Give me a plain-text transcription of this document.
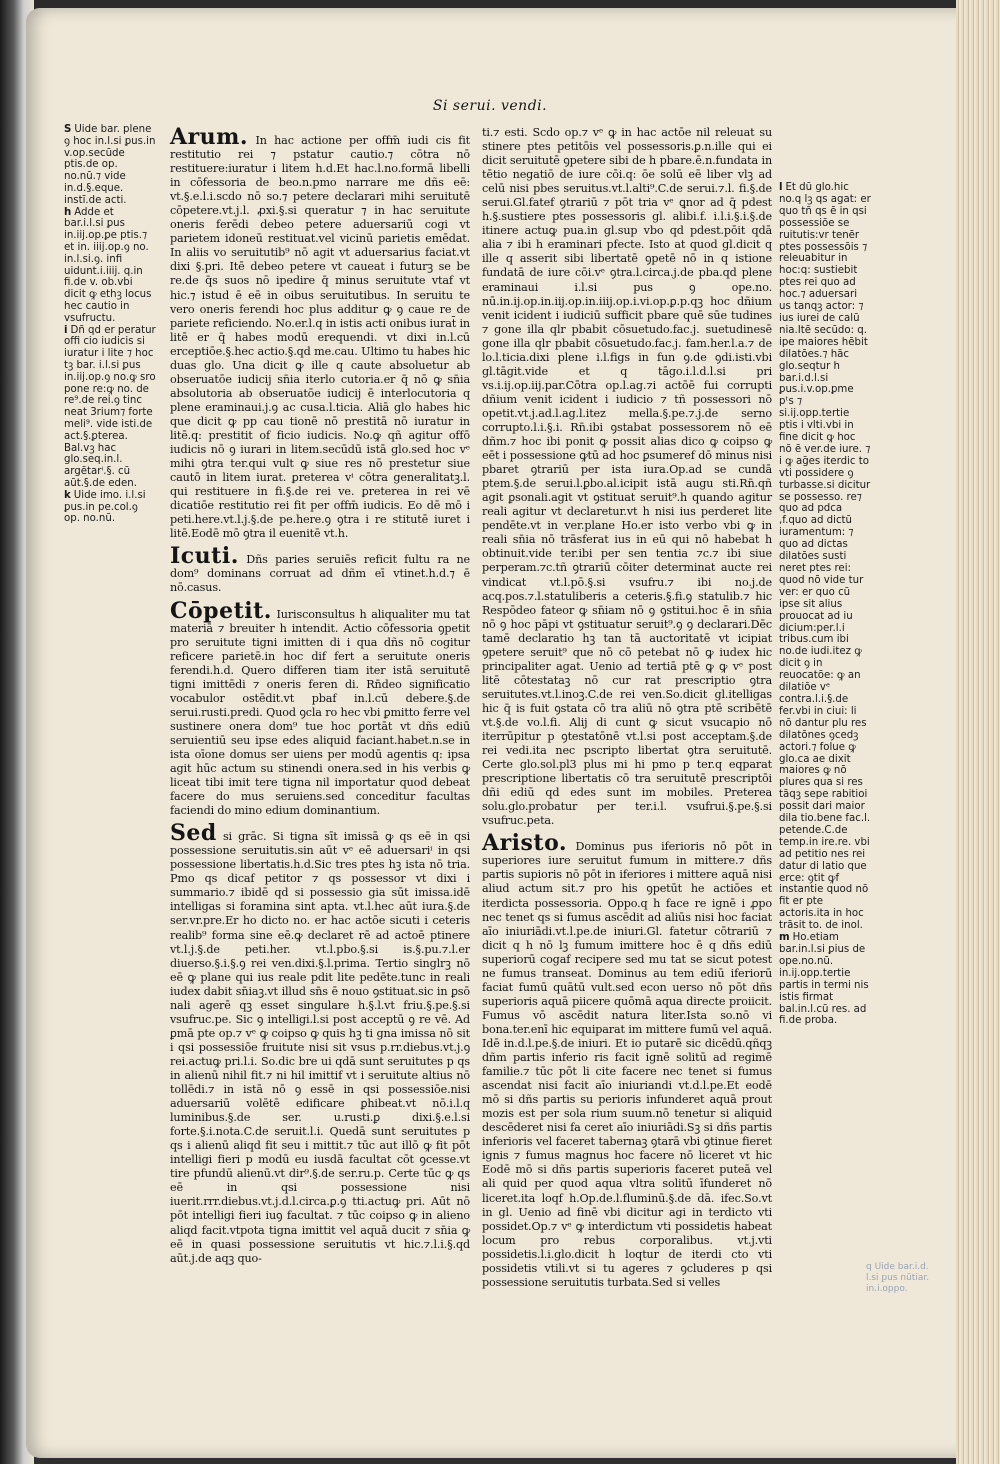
Si serui. vendi.

S Uide bar. plene ꝯ hoc in.l.si ꝑus.in v.op.secūde ptis.de op. no.nū.⁊ vide in.d.§.eque. instī.de acti.

h Adde et bar.i.l.si ꝑus in.iij.op.ꝑe ptis.⁊ et in. iiij.op.ꝯ no. in.l.si.ꝯ. infi uidunt.i.iiij. q.in fi.de v. ob.vbi dicit ꝙ ethꝫ locus hec cautio in vsufructu.

i Dñ qd er peratur offi cio iudicis si iuratur i lite ⁊ hoc tꝫ bar. i.l.si ꝑus in.iij.op.ꝯ no.ꝙ sro pone re:ꝙ no. de re⁹.de rei.ꝯ tinc neat 3rium⁊ forte meli⁹. vide isti.de act.§.ꝑterea. Bal.vꝫ hac glo.seq.in.l. argētarⁱ.§. cū aūt.§.de eden.

k Uide imo. i.l.si ꝑus.in pe.col.ꝯ op. no.nū.

Arum. In hac actione per offm̄ iudi cis fit restitutio rei ⁊ pstatur cautio.⁊ cōtra nō restituere:iuratur i litem h.d.Et hac.l.no.formā libelli in cōfessoria de beo.n.pmo narrare me dñs eē: vt.§.e.l.i.scdo nō so.⁊ petere declarari mihi seruitutē cōpetere.vt.j.l. ꝓxi.§.si queratur ⁊ in hac seruitute oneris ferēdi debeo petere aduersariū cogi vt parietem idoneū restituat.vel vicinū parietis emēdat. In aliis vo seruitutib⁹ nō agit vt aduersarius faciat.vt dixi §.pri. Itē debeo petere vt caueat i futurꝫ se be re.de q̄s suos nō ipedire q̄ minus seruitute vtaf vt hic.⁊ istud ē eē in oibus seruitutibus. In seruitu te vero oneris ferendi hoc plus additur ꝙ ꝯ caue re de pariete reficiendo. No.er.l.q in istis acti onibus iurat̄ in litē er q̄ habes modū erequendi. vt dixi in.l.cū erceptiōe.§.hec actio.§.qd me.cau. Ultimo tu habes hic duas glo. Una dicit ꝙ ille q caute absoluetur ab obseruatōe iudicij sn̄ia iterlo cutoria.er q̄ nō ꝙ sn̄ia absolutoria ab obseruatōe iudicij ē interlocutoria q plene eraminaui.j.ꝯ ac cusa.l.ticia. Aliā glo habes hic que dicit ꝙ pp cau tionē nō prestitā nō iuratur in litē.q: prestitit of ficio iudicis. No.ꝙ qñ agitur offō iudicis nō ꝯ iurari in litem.secūdū istā glo.sed hoc vᵉ mihi ꝯtra ter.qui vult ꝙ siue res nō prestetur siue cautō in litem iurat. ꝑreterea vⁱ cōtra generalitatꝫ.l. qui restituere in fi.§.de rei ve. ꝑreterea in rei vē dicatiōe restitutio rei fit per offm̄ iudicis. Eo dē mō i peti.here.vt.l.j.§.de pe.here.ꝯ ꝯtra i re stitutē iuret i litē.Eodē mō ꝯtra il euenitē vt.h.

Icuti. Dñs paries seruiēs reficit fultu ra ne dom⁹ dominans corruat ad dñm eī vtinet.h.d.⁊ ē nō.casus.

Cōpetit. Iurisconsultus h aliqualiter mu tat materiā ⁊ breuiter h intendit. Actio cōfessoria ꝯpetit pro seruitute tigni imitten di i qua dñs nō cogitur reficere parietē.in hoc dif fert a seruitute oneris ferendi.h.d. Quero differen tiam iter istā seruitutē tigni imittēdi ⁊ oneris feren di. Rn̄deo significatio vocabulor ostēdit.vt pbaf in.l.cū debere.§.de serui.rusti.predi. Quod ꝯcla ro hec vbi ꝑmitto ferre vel sustinere onera dom⁹ tue hoc ꝑortāt vt dñs ediū seruientiū seu ipse edes aliquid faciant.habet.n.se in ista oīone domus ser uiens per modū agentis q: ipsa agit hūc actum su stinendi onera.sed in his verbis ꝙ liceat tibi imit tere tigna nil importatur quod debeat facere do mus seruiens.sed conceditur facultas faciendi do mino edium dominantium.

Sed si grāc. Si tigna sīt imissā ꝙ qs eē in qsi possessione seruitutis.sin aūt vᵉ eē aduersariⁱ in qsi possessione libertatis.h.d.Sic tres ptes hꝫ ista nō tria. Pmo qs dicaf petitor ⁊ qs possessor vt dixi i summario.⁊ ibidē qd si possessio gia sūt imissa.idē intelligas si foramina sint apta. vt.l.hec aūt iura.§.de ser.vr.pre.Er ho dicto no. er hac actōe sicuti i ceteris realib⁹ forma sine eē.ꝙ declaret rē ad actoē ptinere vt.l.j.§.de peti.her. vt.l.pbo.§.si is.§.pu.⁊.l.er diuerso.§.i.§.ꝯ rei ven.dixi.§.l.prima. Tertio singlrꝫ nō eē ꝙ plane qui ius reale pdit lite pedēte.tunc in reali iudex dabit sn̄iaꝫ.vt illud sn̄s ē nouo ꝯstituat.sic in ꝑsō nali agerē qꝫ esset singulare h.§.l.vt friu.§.pe.§.si vsufruc.pe. Sic ꝯ intelligi.l.si post acceptū ꝯ re vē. Ad ꝑmā pte op.⁊ vᵉ ꝙ coipso ꝙ quis hꝫ ti gna imissa nō sit i qsi possessiōe fruitute nisi sit vsus p.rr.diebus.vt.j.ꝯ rei.actuꝙ pri.l.i. So.dic bre ui qdā sunt seruitutes p qs in alienū nihil fit.⁊ ni hil imittif vt i seruitute altius nō tollēdi.⁊ in istā nō ꝯ essē in qsi possessiōe.nisi aduersariū volētē edificare ꝑhibeat.vt nō.i.l.q luminibus.§.de ser. u.rusti.ꝑ dixi.§.e.l.si forte.§.i.nota.C.de seruit.l.i. Quedā sunt seruitutes p qs i alienū aliqd fit seu i mittit.⁊ tūc aut illō ꝙ fit pōt intelligi fieri p modū eu iusdā facultat cōt ꝯcesse.vt tire pfundū alienū.vt dir⁹.§.de ser.ru.p. Certe tūc ꝙ qs eē in qsi possessione nisi iuerit.rrr.diebus.vt.j.d.l.circa.ꝑ.ꝯ tti.actuꝙ pri. Aūt nō pōt intelligi fieri iuꝯ facultat. ⁊ tūc coipso ꝙ in alieno aliqd facit.vtpota tigna imittit vel aquā ducit ⁊ sn̄ia ꝙ eē in quasi possessione seruitutis vt hic.⁊.l.i.§.qd aūt.j.de aqꝫ quo-

ti.⁊ esti. Scdo op.⁊ vᵉ ꝙ in hac actōe nil releuat su stinere ptes petitōis vel possessoris.ꝑ.n.ille qui ei dicit seruitutē ꝯpetere sibi de h pbare.ē.n.fundata in tētio negatiō de iure cōi.q: ōe solū eē liber vlꝫ ad celū nisi pbes seruitus.vt.l.alti⁹.C.de serui.⁊.l. fi.§.de serui.Gl.fatef ꝯtrariū ⁊ pōt tria vᵉ ꝗnor ad q̄ pdest h.§.sustiere ptes possessoris gl. alibi.f. i.l.i.§.i.§.de itinere actuꝙ pua.in gl.sup vbo qd pdest.pōit qdā alia ⁊ ibi h eraminari pfecte. Isto at quod gl.dicit q ille q asserit sibi libertatē ꝯpetē nō in q istione fundatā de iure cōi.vᵉ ꝯtra.l.circa.j.de pba.qd plene eraminaui i.l.si pus ꝯ ope.no. nū.in.ij.op.in.iij.op.in.iiij.op.i.vi.op.ꝑ.p.qꝫ hoc dñium venit icident i iudiciū sufficit pbare quē sūe tudines ⁊ gone illa qlr pbabit cōsuetudo.fac.j. suetudinesē gone illa qlr pbabit cōsuetudo.fac.j. fam.her.l.a.⁊ de lo.l.ticia.dixi plene i.l.figs in fun ꝯ.de ꝯdi.isti.vbi gl.tāgit.vide et q tāgo.i.l.d.l.si pri vs.i.ij.op.iij.par.Cōtra op.l.ag.⁊i actōē fui corrupti dñium venit icident i iudicio ⁊ tñ possessori nō opetit.vt.j.ad.l.ag.l.itez mella.§.pe.⁊.j.de serno corrupto.l.i.§.i. Rn̄.ibi ꝯstabat possessorem nō eē dñm.⁊ hoc ibi ponit ꝙ possit alias dico ꝙ coipso ꝙ eēt i possessione ꝙtū ad hoc ꝑsumeref dō minus nisi pbaret ꝯtrariū per ista iura.Op.ad se cundā ptem.§.de serui.l.ꝑbo.al.icipit istā augu sti.Rn̄.qñ agit ꝑsonali.agit vt ꝯstituat seruit⁹.h quando agitur reali agitur vt declaretur.vt h nisi ius perderet lite pendēte.vt in ver.plane Ho.er isto verbo vbi ꝙ in reali sn̄ia nō trāsferat ius in eū qui nō habebat h obtinuit.vide ter.ibi per sen tentia ⁊c.⁊ ibi siue perperam.⁊c.tñ ꝯtrariū cōiter determinat aucte rei vindicat vt.l.pō.§.si vsufru.⁊ ibi no.j.de acq.pos.⁊.l.statuliberis a ceteris.§.fi.ꝯ statulib.⁊ hic Respōdeo fateor ꝙ sn̄iam nō ꝯ ꝯstitui.hoc ē in sn̄ia nō ꝯ hoc pāpi vt ꝯstituatur seruit⁹.ꝯ ꝯ declarari.Dēc tamē declaratio hꝫ tan tā auctoritatē vt icipiat ꝯpetere seruit⁹ que nō cō petebat nō ꝙ iudex hic principaliter agat. Uenio ad tertiā ptē ꝙ ꝙ vᵉ post litē cōtestataꝫ nō cur rat prescriptio ꝯtra seruitutes.vt.l.inoꝫ.C.de rei ven.So.dicit gl.itelligas hic q̄ is fuit ꝯstata cō tra aliū nō ꝯtra ptē scribētē vt.§.de vo.l.fi. Alij di cunt ꝙ sicut vsucapio nō iterrūpitur p ꝯtestatōnē vt.l.si post acceptam.§.de rei vedi.ita nec pscripto libertat ꝯtra seruitutē. Certe glo.sol.pl3 plus mi hi pmo p ter.q eqparat prescriptione libertatis cō tra seruitutē prescriptōi dñi ediū qd edes sunt im mobiles. Preterea solu.glo.probatur per ter.i.l. vsufrui.§.pe.§.si vsufruc.peta.

Aristo. Dominus pus iferioris nō pōt in superiores iure seruitut fumum in mittere.⁊ dñs partis supioris nō pōt in iferiores i mittere aquā nisi aliud actum sit.⁊ pro his ꝯpetūt he actiōes et iterdicta possessoria. Oppo.q h face re ignē i ꝓpo nec tenet qs si fumus ascēdit ad aliūs nisi hoc faciat aīo iniuriādi.vt.l.pe.de iniuri.Gl. fatetur cōtrariū ⁊ dicit q h nō lꝫ fumum imittere hoc ē q dñs ediū superiorū cogaf recipere sed mu tat se sicut potest ne fumus transeat. Dominus au tem ediū iferiorū faciat fumū quātū vult.sed econ uerso nō pōt dñs superioris aquā piicere quōmā aqua directe proiicit. Fumus vō ascēdit natura liter.Ista so.nō vi bona.ter.enī hic equiparat im mittere fumū vel aquā. Idē in.d.l.pe.§.de iniuri. Et io putarē sic dicēdū.qñqꝫ dñm partis inferio ris facit ignē solitū ad regimē familie.⁊ tūc pōt li cite facere nec tenet si fumus ascendat nisi facit aīo iniuriandi vt.d.l.pe.Et eodē mō si dñs partis su perioris infunderet aquā prout mozis est per sola rium suum.nō tenetur si aliquid descēderet nisi fa ceret aīo iniuriādi.Sꝫ si dñs partis inferioris vel faceret tabernaꝫ ꝯtarā vbi ꝯtinue fieret ignis ⁊ fumus magnus hoc facere nō liceret vt hic Eodē mō si dñs partis superioris faceret puteā vel ali quid per quod aqua vltra solitū īfunderet nō liceret.ita loqf h.Op.de.l.fluminū.§.de dā. ifec.So.vt in gl. Uenio ad finē vbi dicitur agi in terdicto vti possidet.Op.⁊ vᵉ ꝙ interdictum vti possidetis habeat locum pro rebus corporalibus. vt.j.vti possidetis.l.i.glo.dicit h loqtur de iterdi cto vti possidetis vtili.vt si tu ageres ⁊ ꝯcluderes p qsi possessione seruitutis turbata.Sed si velles

l Et dū glo.hic no.q lꝫ qs agat: er quo tñ qs ē in qsi possessiōe se ruitutis:vr tenēr ptes possessōis ⁊ releuabitur in hoc:q: sustiebit ptes rei quo ad hoc.⁊ aduersari us tanqꝫ actor: ⁊ ius iurei de calū nia.Itē secūdo: q. ipe maiores hēbit dilatōes.⁊ hāc glo.seqtur h bar.i.d.l.si ꝑus.i.v.op.ꝑme pᵗs ⁊ si.ij.opp.tertie ptis i vlti.vbi in fine dicit ꝙ hoc nō ē ver.de iure. ⁊ i ꝙ aḡes iterdic to vti possidere ꝯ turbasse.si dicitur se possesso. re⁊ quo ad pdca ,f.quo ad dictū iuramentum: ⁊ quo ad dictas dilatōes susti neret ptes rei: quod nō vide tur ver: er quo cū ipse sit alius prouocat ad iu dicium:per.l.i tribus.cum ibi no.de iudi.itez ꝙ dicit ꝯ in reuocatōe: ꝙ an dilatiōe vᵉ contra.l.i.§.de fer.vbi in ciui: li nō dantur plu res dilatōnes ꝯcedꝫ actori.⁊ folue ꝙ glo.ca ae dixit maiores ꝙ nō plures qua si res tāqꝫ sepe rabitioi possit dari maior dila tio.bene fac.l. petende.C.de temp.in ire.re. vbi ad petitio nes rei datur di latio que erce: ꝯtit ꝙf instantie quod nō fit er pte actoris.ita in hoc trāsit to. de inol.

m Ho.etiam bar.in.l.si ꝑius de ope.no.nū. in.ij.opp.tertie partis in termi nis istis firmat bal.in.l.cū res. ad fi.de proba.

q Uide bar.i.d. l.si ꝑus nūtiar. in.i.oppo.
